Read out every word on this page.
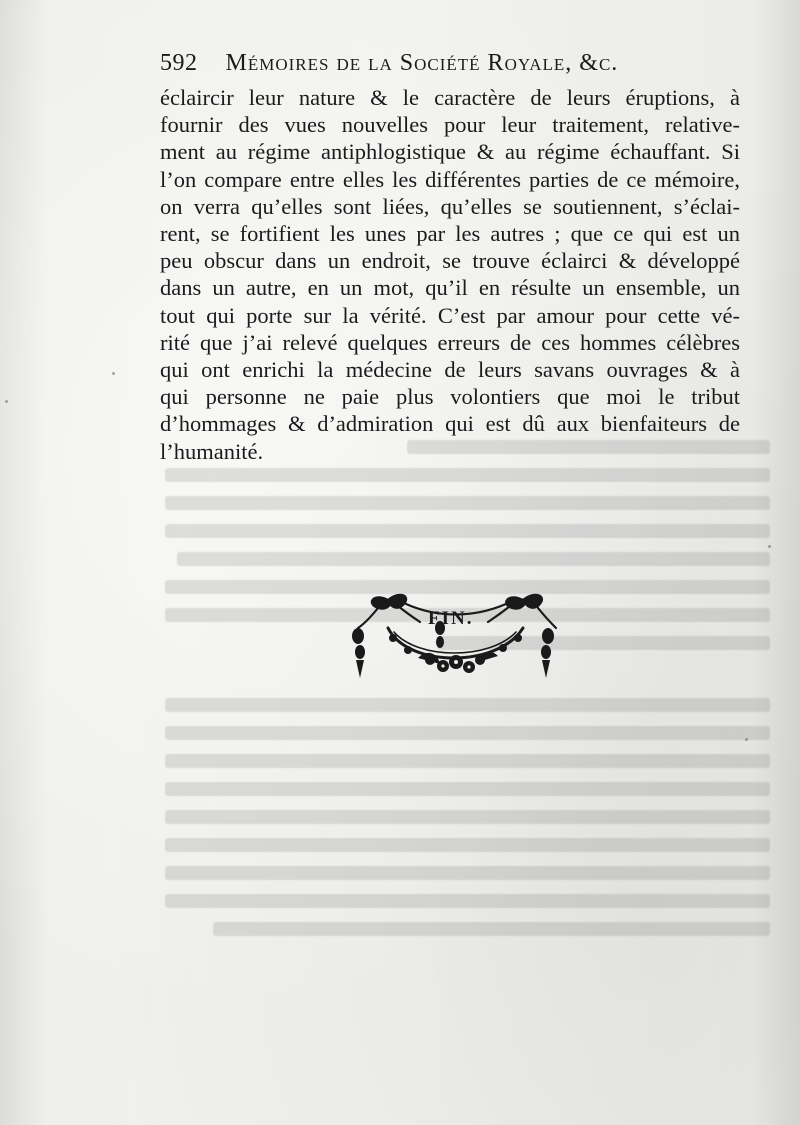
592 Mémoires de la Société Royale, &c.
éclaircir leur nature & le caractère de leurs éruptions, à
fournir des vues nouvelles pour leur traitement, relative-
ment au régime antiphlogistique & au régime échauffant. Si
l’on compare entre elles les différentes parties de ce mémoire,
on verra qu’elles sont liées, qu’elles se soutiennent, s’éclai-
rent, se fortifient les unes par les autres ; que ce qui est un
peu obscur dans un endroit, se trouve éclairci & développé
dans un autre, en un mot, qu’il en résulte un ensemble, un
tout qui porte sur la vérité. C’est par amour pour cette vé-
rité que j’ai relevé quelques erreurs de ces hommes célèbres
qui ont enrichi la médecine de leurs savans ouvrages & à
qui personne ne paie plus volontiers que moi le tribut
d’hommages & d’admiration qui est dû aux bienfaiteurs de
l’humanité.
FIN.
